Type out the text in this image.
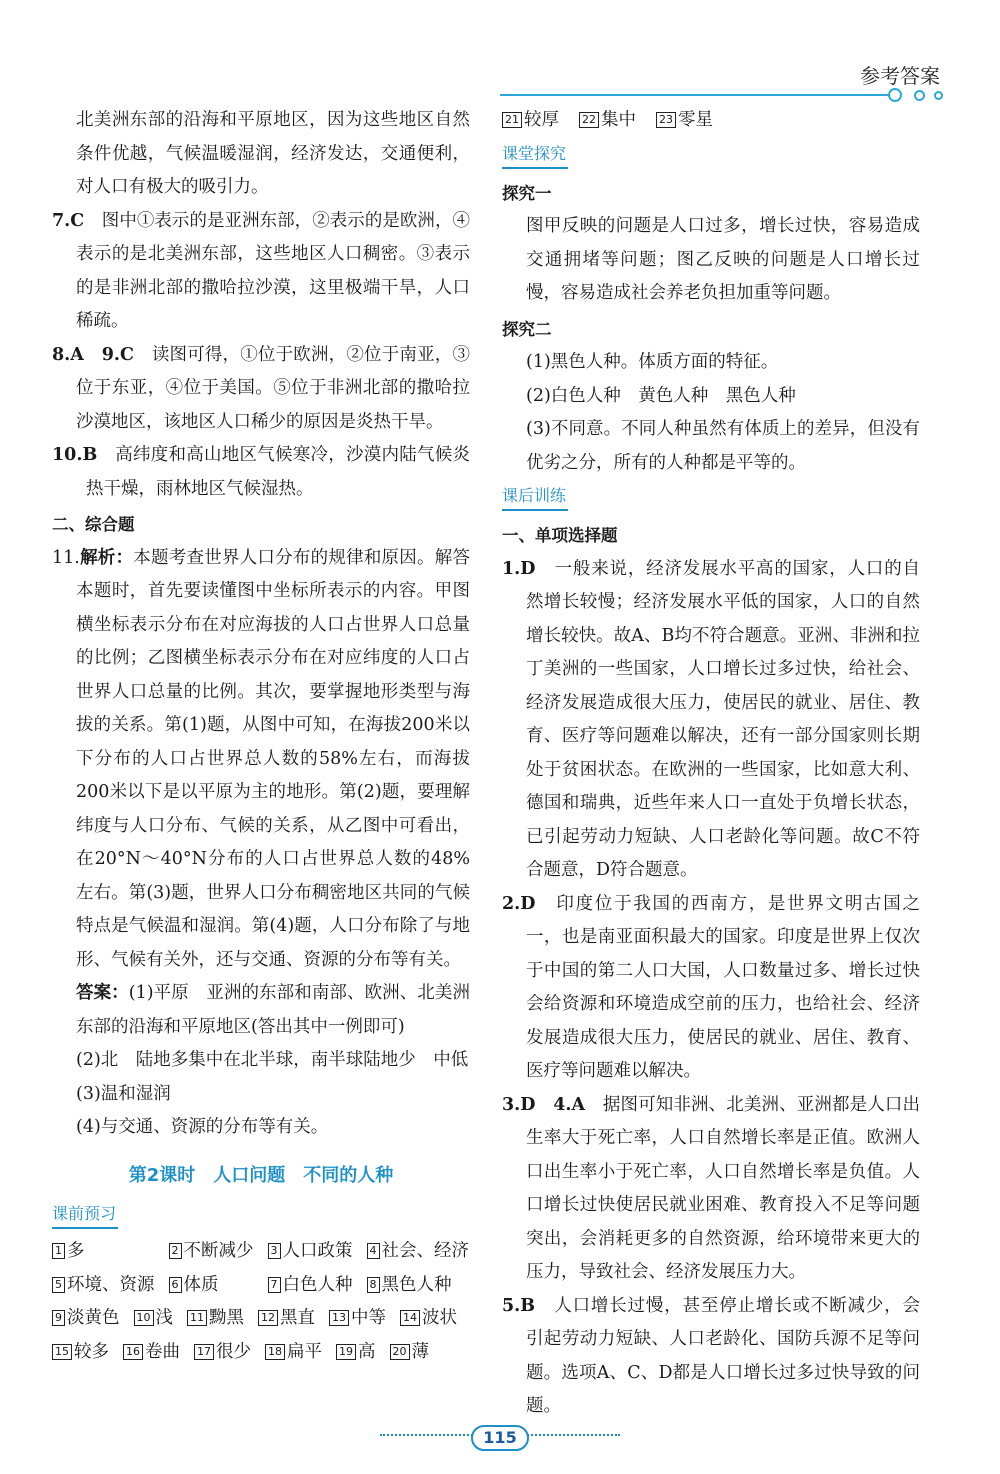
参考答案

北美洲东部的沿海和平原地区，因为这些地区自然条件优越，气候温暖湿润，经济发达，交通便利，对人口有极大的吸引力。

7.C　 图中①表示的是亚洲东部，②表示的是欧洲，④表示的是北美洲东部，这些地区人口稠密。③表示的是非洲北部的撒哈拉沙漠，这里极端干旱，人口稀疏。

8.A　 9.C　 读图可得，①位于欧洲，②位于南亚，③位于东亚，④位于美国。⑤位于非洲北部的撒哈拉沙漠地区，该地区人口稀少的原因是炎热干旱。

10.B　 高纬度和高山地区气候寒冷，沙漠内陆气候炎热干燥，雨林地区气候湿热。

二、综合题

11.解析：本题考查世界人口分布的规律和原因。解答本题时，首先要读懂图中坐标所表示的内容。甲图横坐标表示分布在对应海拔的人口占世界人口总量的比例；乙图横坐标表示分布在对应纬度的人口占世界人口总量的比例。其次，要掌握地形类型与海拔的关系。第(1)题，从图中可知，在海拔200米以下分布的人口占世界总人数的58%左右，而海拔200米以下是以平原为主的地形。第(2)题，要理解纬度与人口分布、气候的关系，从乙图中可看出，在20°N～40°N分布的人口占世界总人数的48%左右。第(3)题，世界人口分布稠密地区共同的气候特点是气候温和湿润。第(4)题，人口分布除了与地形、气候有关外，还与交通、资源的分布等有关。

答案：(1)平原　亚洲的东部和南部、欧洲、北美洲东部的沿海和平原地区(答出其中一例即可)

(2)北　陆地多集中在北半球，南半球陆地少　中低

(3)温和湿润

(4)与交通、资源的分布等有关。

第2课时　人口问题　不同的人种

课前预习
1 多	2 不断减少 3 人口政策 4 社会、经济
5 环境、资源 6 体质	7 白色人种 8 黑色人种
9 淡黄色 10 浅 11 黝黑 12 黑直 13 中等 14 波状
15 较多 16 卷曲 17 很少 18 扁平 19 高 20 薄
21 较厚 22 集中 23 零星
课堂探究

探究一

图甲反映的问题是人口过多，增长过快，容易造成交通拥堵等问题；图乙反映的问题是人口增长过慢，容易造成社会养老负担加重等问题。

探究二

(1)黑色人种。体质方面的特征。

(2)白色人种　黄色人种　黑色人种

(3)不同意。不同人种虽然有体质上的差异，但没有优劣之分，所有的人种都是平等的。

课后训练

一、单项选择题

1.D　 一般来说，经济发展水平高的国家，人口的自然增长较慢；经济发展水平低的国家，人口的自然增长较快。故A、B均不符合题意。亚洲、非洲和拉丁美洲的一些国家，人口增长过多过快，给社会、经济发展造成很大压力，使居民的就业、居住、教育、医疗等问题难以解决，还有一部分国家则长期处于贫困状态。在欧洲的一些国家，比如意大利、德国和瑞典，近些年来人口一直处于负增长状态，已引起劳动力短缺、人口老龄化等问题。故C不符合题意，D符合题意。

2.D　 印度位于我国的西南方，是世界文明古国之一，也是南亚面积最大的国家。印度是世界上仅次于中国的第二人口大国，人口数量过多、增长过快会给资源和环境造成空前的压力，也给社会、经济发展造成很大压力，使居民的就业、居住、教育、医疗等问题难以解决。

3.D　 4.A　 据图可知非洲、北美洲、亚洲都是人口出生率大于死亡率，人口自然增长率是正值。欧洲人口出生率小于死亡率，人口自然增长率是负值。人口增长过快使居民就业困难、教育投入不足等问题突出，会消耗更多的自然资源，给环境带来更大的压力，导致社会、经济发展压力大。

5.B　 人口增长过慢，甚至停止增长或不断减少，会引起劳动力短缺、人口老龄化、国防兵源不足等问题。选项A、C、D都是人口增长过多过快导致的问题。

115
